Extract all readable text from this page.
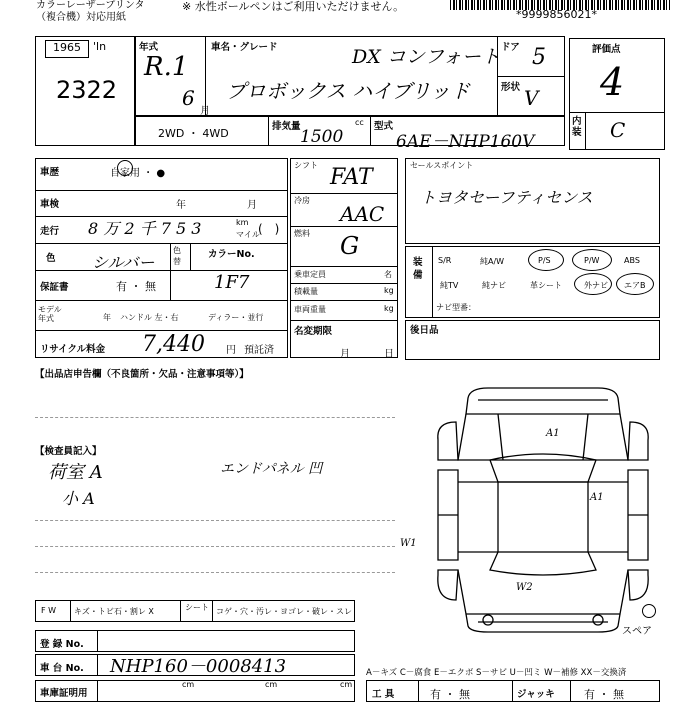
カラーレーザープリンタ
（複合機）対応用紙
※ 水性ボールペンはご利用いただけません。
*9999856021*
1965	'ln
2322
年式
R.1
6
月
車名・グレード	DX コンフォート
プロボックス ハイブリッド
ドア 5
形状 V
2WD ・ 4WD
排気量	cc
1500
型式
6AE－NHP160V
評価点
4
内装 C
車歴	自家用 ・ ●
車検	年	月
走行 8 万 2 千 7 5 3	km
マイル
(　)
色 シルバー
色替
カラーNo.
1F7
保証書	有 ・ 無
モデル年式	年 ハンドル 左・右	ディラー・並行
リサイクル料金 7,440 円 預託済
シフト FAT
冷房
AAC
燃料 G
乗車定員	名
積載量	kg
車両重量	kg
名変期限
月	日
セールスポイント
トヨタセーフティセンス
装備
S/R	純A/W	P/S	P/W	ABS
純TV	純ナビ	革シート	外ナビ エアB
ナビ型番：
後日品
【出品店申告欄（不良箇所・欠品・注意事項等）】
【検査員記入】
荷室 A
小 A
エンドパネル 凹
A1
A1
W1
W2
スペア
F W キズ・トビ石・割レ X	シート コゲ・穴・汚レ・ヨゴレ・破レ・スレ
登 録 No.
車 台 No. NHP160－0008413	A－キズ C－腐食 E－エクボ S－サビ U－凹ミ W－補修 XX－交換済
車庫証明用
cm	cm	cm
工 具	有 ・ 無	ジャッキ	有 ・ 無
